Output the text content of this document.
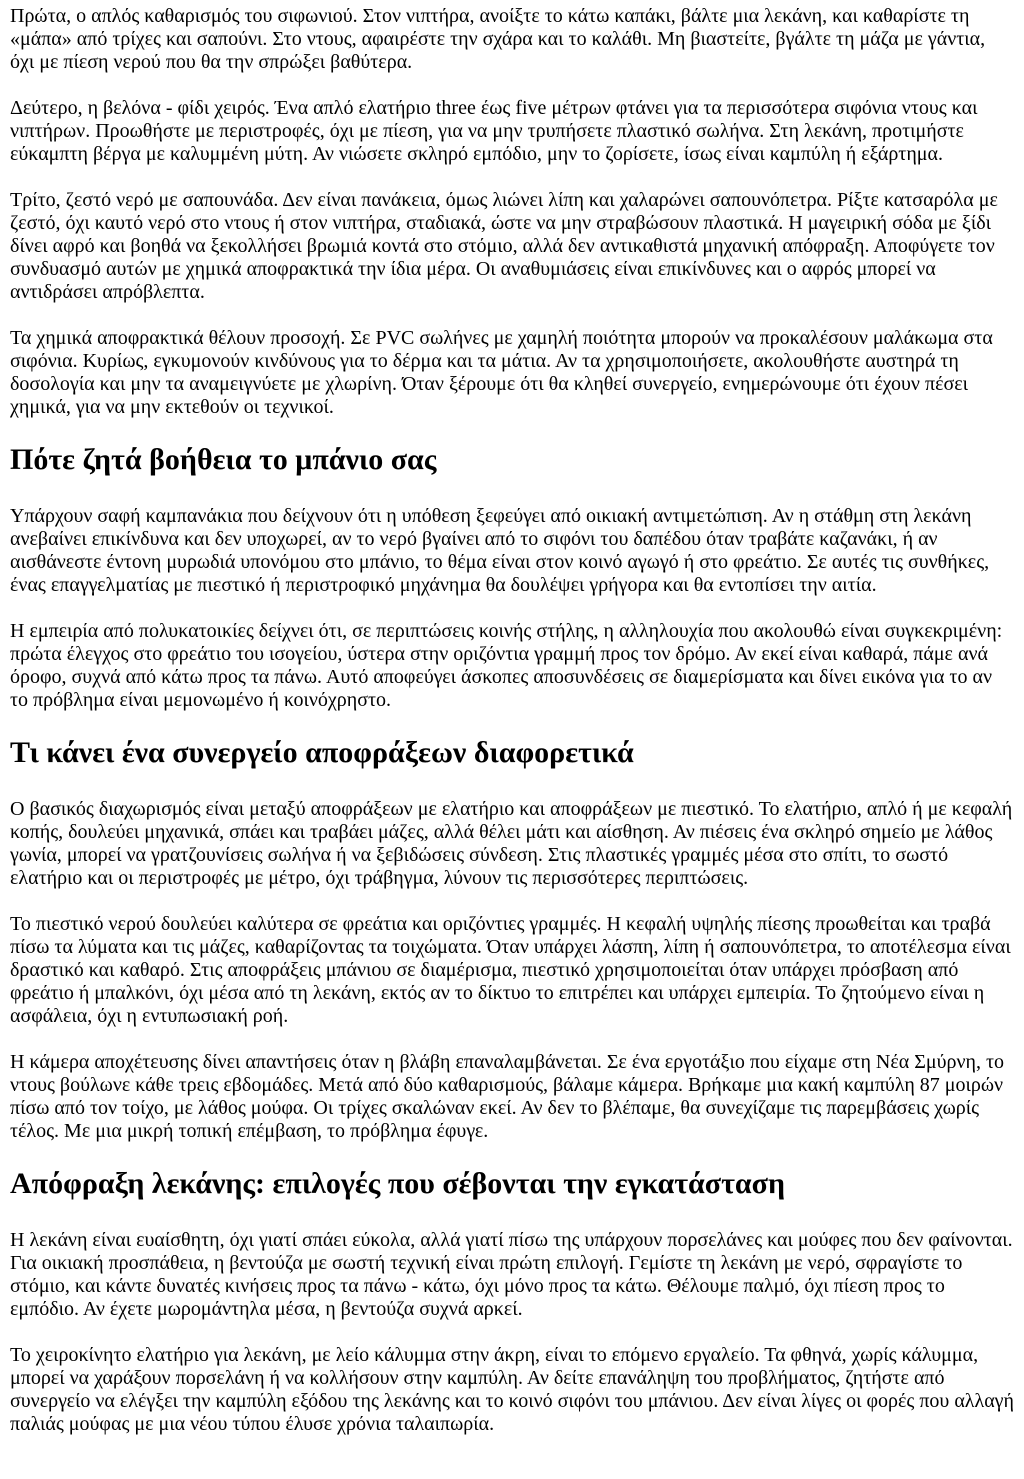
Πρώτα, ο απλός καθαρισμός του σιφωνιού. Στον νιπτήρα, ανοίξτε το κάτω καπάκι, βάλτε μια λεκάνη, και καθαρίστε τη «μάπα» από τρίχες και σαπούνι. Στο ντους, αφαιρέστε την σχάρα και το καλάθι. Μη βιαστείτε, βγάλτε τη μάζα με γάντια, όχι με πίεση νερού που θα την σπρώξει βαθύτερα.

Δεύτερο, η βελόνα - φίδι χειρός. Ένα απλό ελατήριο three έως five μέτρων φτάνει για τα περισσότερα σιφόνια ντους και νιπτήρων. Προωθήστε με περιστροφές, όχι με πίεση, για να μην τρυπήσετε πλαστικό σωλήνα. Στη λεκάνη, προτιμήστε εύκαμπτη βέργα με καλυμμένη μύτη. Αν νιώσετε σκληρό εμπόδιο, μην το ζορίσετε, ίσως είναι καμπύλη ή εξάρτημα.

Τρίτο, ζεστό νερό με σαπουνάδα. Δεν είναι πανάκεια, όμως λιώνει λίπη και χαλαρώνει σαπουνόπετρα. Ρίξτε κατσαρόλα με ζεστό, όχι καυτό νερό στο ντους ή στον νιπτήρα, σταδιακά, ώστε να μην στραβώσουν πλαστικά. Η μαγειρική σόδα με ξίδι δίνει αφρό και βοηθά να ξεκολλήσει βρωμιά κοντά στο στόμιο, αλλά δεν αντικαθιστά μηχανική απόφραξη. Αποφύγετε τον συνδυασμό αυτών με χημικά αποφρακτικά την ίδια μέρα. Οι αναθυμιάσεις είναι επικίνδυνες και ο αφρός μπορεί να αντιδράσει απρόβλεπτα.

Τα χημικά αποφρακτικά θέλουν προσοχή. Σε PVC σωλήνες με χαμηλή ποιότητα μπορούν να προκαλέσουν μαλάκωμα στα σιφόνια. Κυρίως, εγκυμονούν κινδύνους για το δέρμα και τα μάτια. Αν τα χρησιμοποιήσετε, ακολουθήστε αυστηρά τη δοσολογία και μην τα αναμειγνύετε με χλωρίνη. Όταν ξέρουμε ότι θα κληθεί συνεργείο, ενημερώνουμε ότι έχουν πέσει χημικά, για να μην εκτεθούν οι τεχνικοί.

Πότε ζητά βοήθεια το μπάνιο σας

Υπάρχουν σαφή καμπανάκια που δείχνουν ότι η υπόθεση ξεφεύγει από οικιακή αντιμετώπιση. Αν η στάθμη στη λεκάνη ανεβαίνει επικίνδυνα και δεν υποχωρεί, αν το νερό βγαίνει από το σιφόνι του δαπέδου όταν τραβάτε καζανάκι, ή αν αισθάνεστε έντονη μυρωδιά υπονόμου στο μπάνιο, το θέμα είναι στον κοινό αγωγό ή στο φρεάτιο. Σε αυτές τις συνθήκες, ένας επαγγελματίας με πιεστικό ή περιστροφικό μηχάνημα θα δουλέψει γρήγορα και θα εντοπίσει την αιτία.

Η εμπειρία από πολυκατοικίες δείχνει ότι, σε περιπτώσεις κοινής στήλης, η αλληλουχία που ακολουθώ είναι συγκεκριμένη: πρώτα έλεγχος στο φρεάτιο του ισογείου, ύστερα στην οριζόντια γραμμή προς τον δρόμο. Αν εκεί είναι καθαρά, πάμε ανά όροφο, συχνά από κάτω προς τα πάνω. Αυτό αποφεύγει άσκοπες αποσυνδέσεις σε διαμερίσματα και δίνει εικόνα για το αν το πρόβλημα είναι μεμονωμένο ή κοινόχρηστο.

Τι κάνει ένα συνεργείο αποφράξεων διαφορετικά

Ο βασικός διαχωρισμός είναι μεταξύ αποφράξεων με ελατήριο και αποφράξεων με πιεστικό. Το ελατήριο, απλό ή με κεφαλή κοπής, δουλεύει μηχανικά, σπάει και τραβάει μάζες, αλλά θέλει μάτι και αίσθηση. Αν πιέσεις ένα σκληρό σημείο με λάθος γωνία, μπορεί να γρατζουνίσεις σωλήνα ή να ξεβιδώσεις σύνδεση. Στις πλαστικές γραμμές μέσα στο σπίτι, το σωστό ελατήριο και οι περιστροφές με μέτρο, όχι τράβηγμα, λύνουν τις περισσότερες περιπτώσεις.

Το πιεστικό νερού δουλεύει καλύτερα σε φρεάτια και οριζόντιες γραμμές. Η κεφαλή υψηλής πίεσης προωθείται και τραβά πίσω τα λύματα και τις μάζες, καθαρίζοντας τα τοιχώματα. Όταν υπάρχει λάσπη, λίπη ή σαπουνόπετρα, το αποτέλεσμα είναι δραστικό και καθαρό. Στις αποφράξεις μπάνιου σε διαμέρισμα, πιεστικό χρησιμοποιείται όταν υπάρχει πρόσβαση από φρεάτιο ή μπαλκόνι, όχι μέσα από τη λεκάνη, εκτός αν το δίκτυο το επιτρέπει και υπάρχει εμπειρία. Το ζητούμενο είναι η ασφάλεια, όχι η εντυπωσιακή ροή.

Η κάμερα αποχέτευσης δίνει απαντήσεις όταν η βλάβη επαναλαμβάνεται. Σε ένα εργοτάξιο που είχαμε στη Νέα Σμύρνη, το ντους βούλωνε κάθε τρεις εβδομάδες. Μετά από δύο καθαρισμούς, βάλαμε κάμερα. Βρήκαμε μια κακή καμπύλη 87 μοιρών πίσω από τον τοίχο, με λάθος μούφα. Οι τρίχες σκαλώναν εκεί. Αν δεν το βλέπαμε, θα συνεχίζαμε τις παρεμβάσεις χωρίς τέλος. Με μια μικρή τοπική επέμβαση, το πρόβλημα έφυγε.

Απόφραξη λεκάνης: επιλογές που σέβονται την εγκατάσταση

Η λεκάνη είναι ευαίσθητη, όχι γιατί σπάει εύκολα, αλλά γιατί πίσω της υπάρχουν πορσελάνες και μούφες που δεν φαίνονται. Για οικιακή προσπάθεια, η βεντούζα με σωστή τεχνική είναι πρώτη επιλογή. Γεμίστε τη λεκάνη με νερό, σφραγίστε το στόμιο, και κάντε δυνατές κινήσεις προς τα πάνω - κάτω, όχι μόνο προς τα κάτω. Θέλουμε παλμό, όχι πίεση προς το εμπόδιο. Αν έχετε μωρομάντηλα μέσα, η βεντούζα συχνά αρκεί.

Το χειροκίνητο ελατήριο για λεκάνη, με λείο κάλυμμα στην άκρη, είναι το επόμενο εργαλείο. Τα φθηνά, χωρίς κάλυμμα, μπορεί να χαράξουν πορσελάνη ή να κολλήσουν στην καμπύλη. Αν δείτε επανάληψη του προβλήματος, ζητήστε από συνεργείο να ελέγξει την καμπύλη εξόδου της λεκάνης και το κοινό σιφόνι του μπάνιου. Δεν είναι λίγες οι φορές που αλλαγή παλιάς μούφας με μια νέου τύπου έλυσε χρόνια ταλαιπωρία.
